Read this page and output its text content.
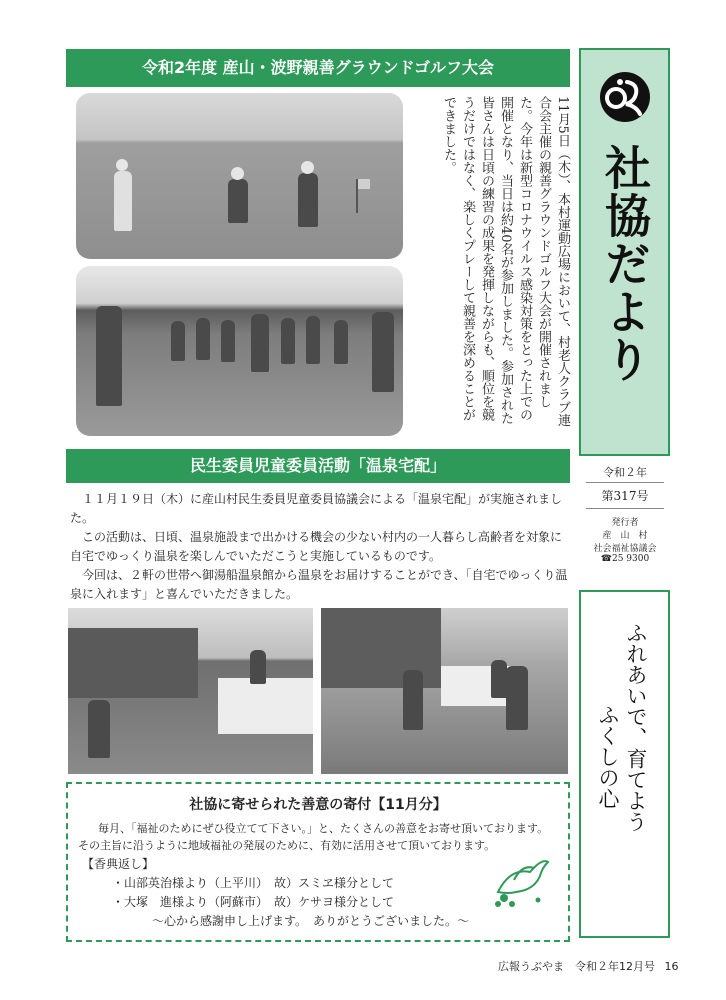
令和2年度 産山・波野親善グラウンドゴルフ大会
11月5日（木）、本村運動広場において、村老人クラブ連合会主催の親善グラウンドゴルフ大会が開催されました。今年は新型コロナウイルス感染対策をとった上での開催となり、当日は約40名が参加しました。参加された皆さんは日頃の練習の成果を発揮しながらも、順位を競うだけではなく、楽しくプレーして親善を深めることができました。
民生委員児童委員活動「温泉宅配」

１１月１９日（木）に産山村民生委員児童委員協議会による「温泉宅配」が実施されました。

この活動は、日頃、温泉施設まで出かける機会の少ない村内の一人暮らし高齢者を対象に自宅でゆっくり温泉を楽しんでいただこうと実施しているものです。

今回は、２軒の世帯へ御湯船温泉館から温泉をお届けすることができ、「自宅でゆっくり温泉に入れます」と喜んでいただきました。

社協に寄せられた善意の寄付【11月分】
毎月、「福祉のためにぜひ役立てて下さい。」と、たくさんの善意をお寄せ頂いております。
その主旨に沿うように地域福祉の発展のために、有効に活用させて頂いております。
【香典返し】
・山部英治様より（上平川）　故）スミヱ様分として
・大塚　進様より（阿蘇市）　故）ケサヨ様分として
～心から感謝申し上げます。　ありがとうございました。～
社協だより
令和２年
第317号
発行者
産　山　村
社会福祉協議会
☎25 9300
ふれあいで、育てよう
ふくしの心
広報うぶやま　令和２年12月号 16
